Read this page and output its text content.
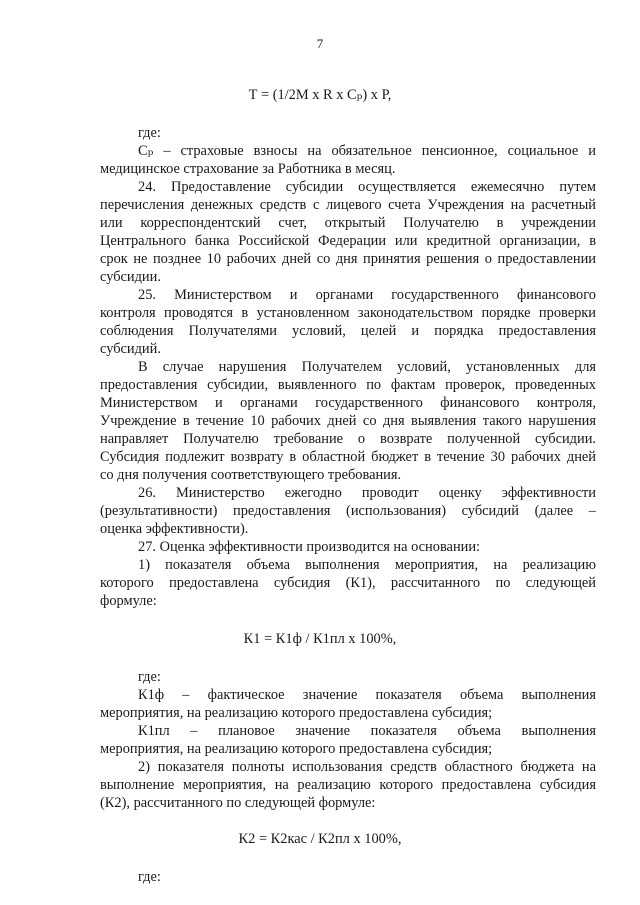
7
Т = (1/2М х R х Сₚ) х Р,
где:
Сₚ – страховые взносы на обязательное пенсионное, социальное и
медицинское страхование за Работника в месяц.
24. Предоставление субсидии осуществляется ежемесячно путем
перечисления денежных средств с лицевого счета Учреждения на расчетный
или корреспондентский счет, открытый Получателю в учреждении
Центрального банка Российской Федерации или кредитной организации, в
срок не позднее 10 рабочих дней со дня принятия решения о предоставлении
субсидии.
25. Министерством и органами государственного финансового
контроля проводятся в установленном законодательством порядке проверки
соблюдения Получателями условий, целей и порядка предоставления
субсидий.
В случае нарушения Получателем условий, установленных для
предоставления субсидии, выявленного по фактам проверок, проведенных
Министерством и органами государственного финансового контроля,
Учреждение в течение 10 рабочих дней со дня выявления такого нарушения
направляет Получателю требование о возврате полученной субсидии.
Субсидия подлежит возврату в областной бюджет в течение 30 рабочих дней
со дня получения соответствующего требования.
26. Министерство ежегодно проводит оценку эффективности
(результативности) предоставления (использования) субсидий (далее –
оценка эффективности).
27. Оценка эффективности производится на основании:
1) показателя объема выполнения мероприятия, на реализацию
которого предоставлена субсидия (К1), рассчитанного по следующей
формуле:
К1 = К1ф / К1пл х 100%,
где:
К1ф – фактическое значение показателя объема выполнения
мероприятия, на реализацию которого предоставлена субсидия;
К1пл – плановое значение показателя объема выполнения
мероприятия, на реализацию которого предоставлена субсидия;
2) показателя полноты использования средств областного бюджета на
выполнение мероприятия, на реализацию которого предоставлена субсидия
(К2), рассчитанного по следующей формуле:
К2 = К2кас / К2пл х 100%,
где:
